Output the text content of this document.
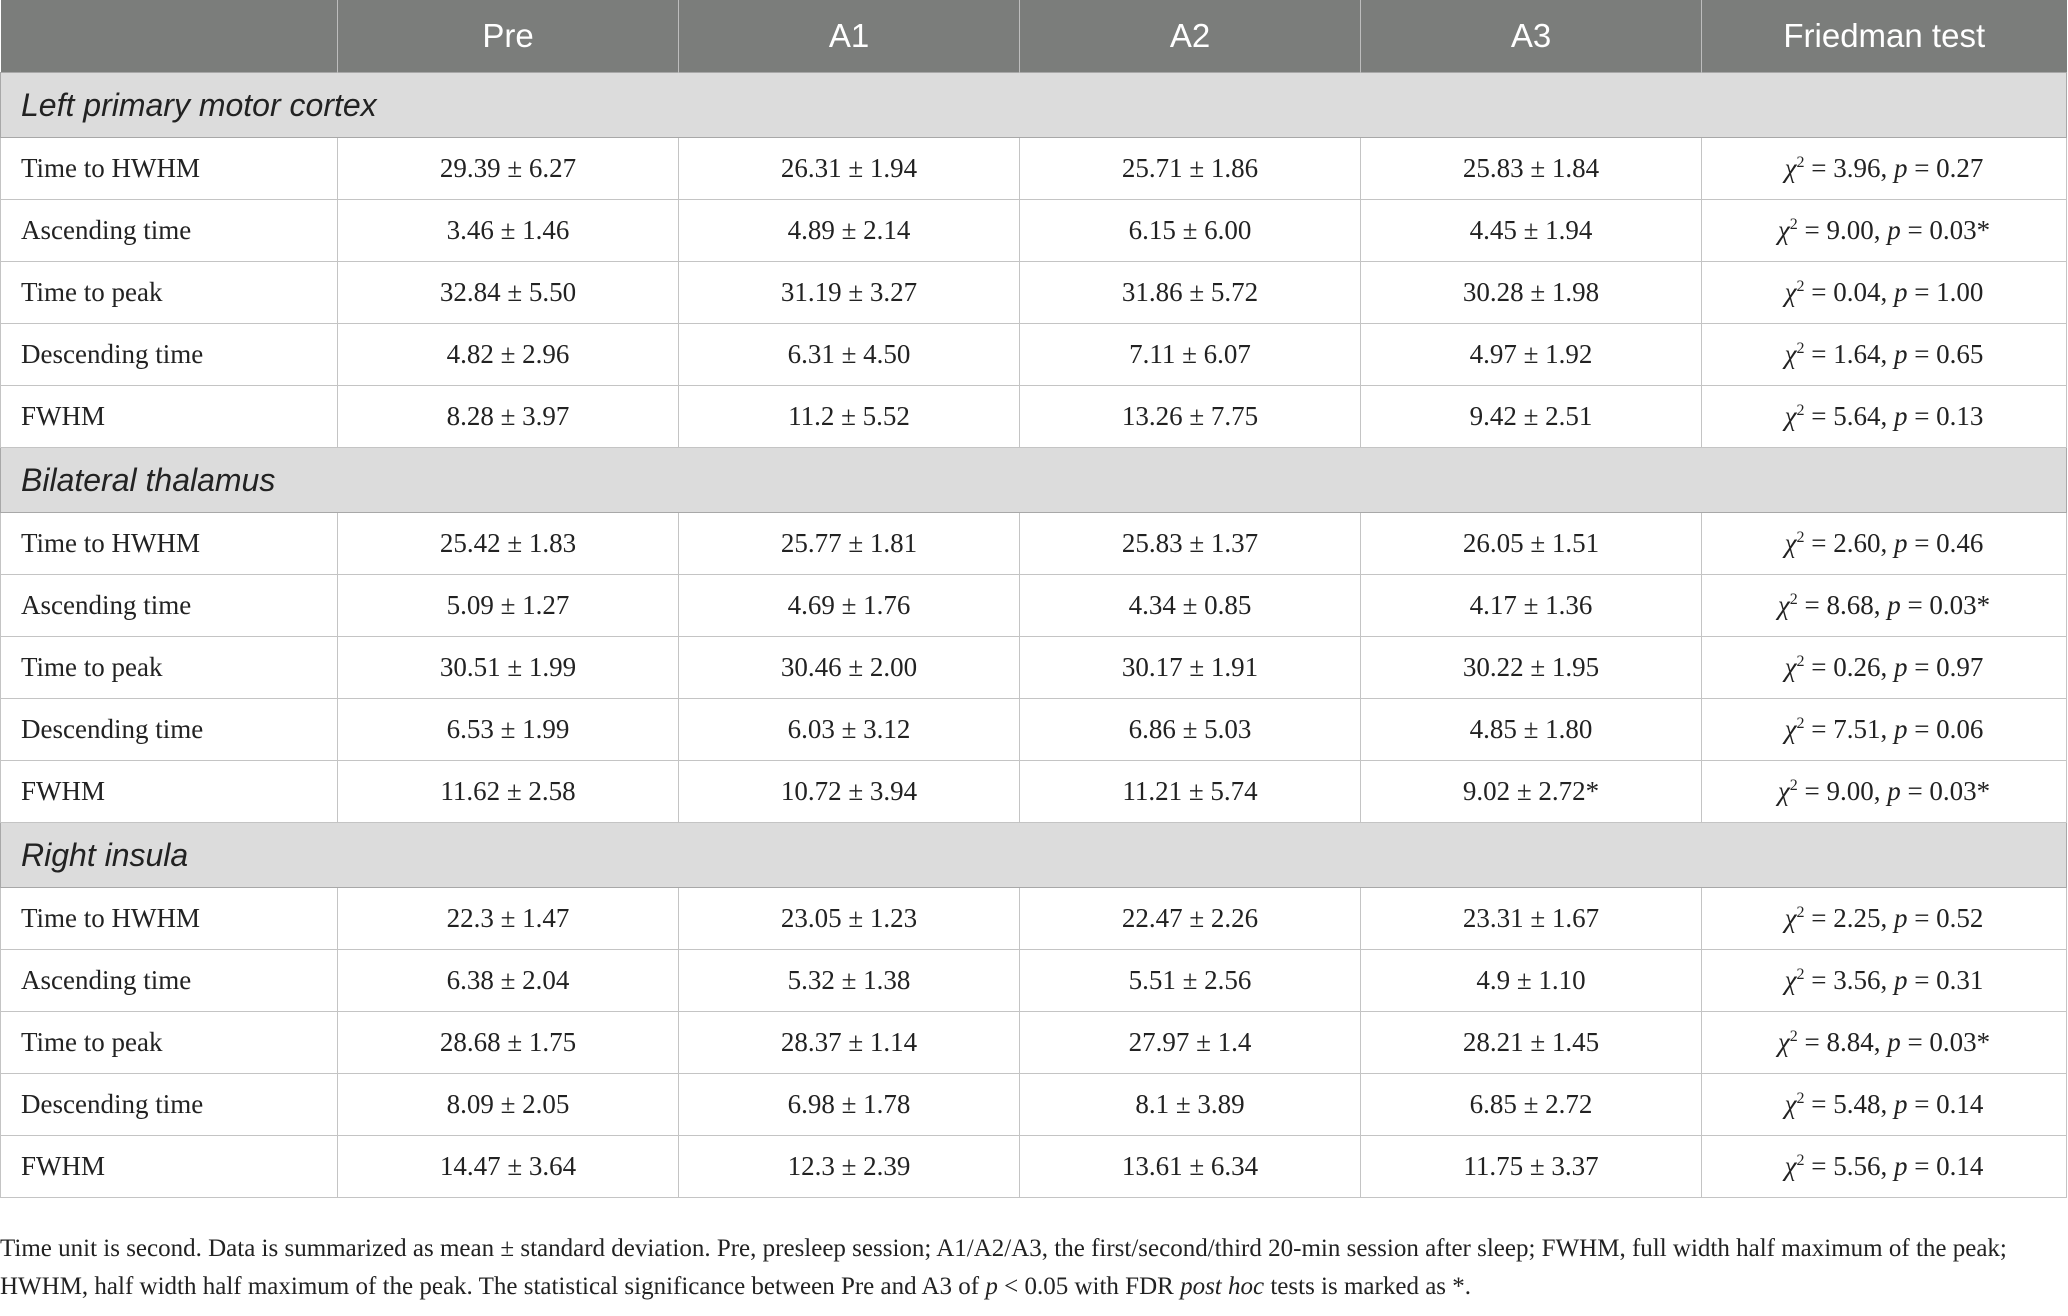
	Pre	A1	A2	A3	Friedman test
Left primary motor cortex					
Time to HWHM	29.39 ± 6.27	26.31 ± 1.94	25.71 ± 1.86	25.83 ± 1.84	$\chi^2 = 3.96$, p = 0.27
Ascending time	3.46 ± 1.46	4.89 ± 2.14	6.15 ± 6.00	4.45 ± 1.94	$\chi^2 = 9.00$, p = 0.03*
Time to peak	32.84 ± 5.50	31.19 ± 3.27	31.86 ± 5.72	30.28 ± 1.98	$\chi^2 = 0.04$, p = 1.00
Descending time	4.82 ± 2.96	6.31 ± 4.50	7.11 ± 6.07	4.97 ± 1.92	$\chi^2 = 1.64$, p = 0.65
FWHM	8.28 ± 3.97	11.2 ± 5.52	13.26 ± 7.75	9.42 ± 2.51	$\chi^2 = 5.64$, p = 0.13
Bilateral thalamus					
Time to HWHM	25.42 ± 1.83	25.77 ± 1.81	25.83 ± 1.37	26.05 ± 1.51	$\chi^2 = 2.60$, p = 0.46
Ascending time	5.09 ± 1.27	4.69 ± 1.76	4.34 ± 0.85	4.17 ± 1.36	$\chi^2 = 8.68$, p = 0.03*
Time to peak	30.51 ± 1.99	30.46 ± 2.00	30.17 ± 1.91	30.22 ± 1.95	$\chi^2 = 0.26$, p = 0.97
Descending time	6.53 ± 1.99	6.03 ± 3.12	6.86 ± 5.03	4.85 ± 1.80	$\chi^2 = 7.51$, p = 0.06
FWHM	11.62 ± 2.58	10.72 ± 3.94	11.21 ± 5.74	9.02 ± 2.72*	$\chi^2 = 9.00$, p = 0.03*
Right insula					
Time to HWHM	22.3 ± 1.47	23.05 ± 1.23	22.47 ± 2.26	23.31 ± 1.67	$\chi^2 = 2.25$, p = 0.52
Ascending time	6.38 ± 2.04	5.32 ± 1.38	5.51 ± 2.56	4.9 ± 1.10	$\chi^2 = 3.56$, p = 0.31
Time to peak	28.68 ± 1.75	28.37 ± 1.14	27.97 ± 1.4	28.21 ± 1.45	$\chi^2 = 8.84$, p = 0.03*
Descending time	8.09 ± 2.05	6.98 ± 1.78	8.1 ± 3.89	6.85 ± 2.72	$\chi^2 = 5.48$, p = 0.14
FWHM	14.47 ± 3.64	12.3 ± 2.39	13.61 ± 6.34	11.75 ± 3.37	$\chi^2 = 5.56$, p = 0.14
Time unit is second. Data is summarized as mean ± standard deviation. Pre, presleep session; A1/A2/A3, the first/second/third 20-min session after sleep; FWHM, full width half maximum of the peak; HWHM, half width half maximum of the peak. The statistical significance between Pre and A3 of p < 0.05 with FDR post hoc tests is marked as *.
